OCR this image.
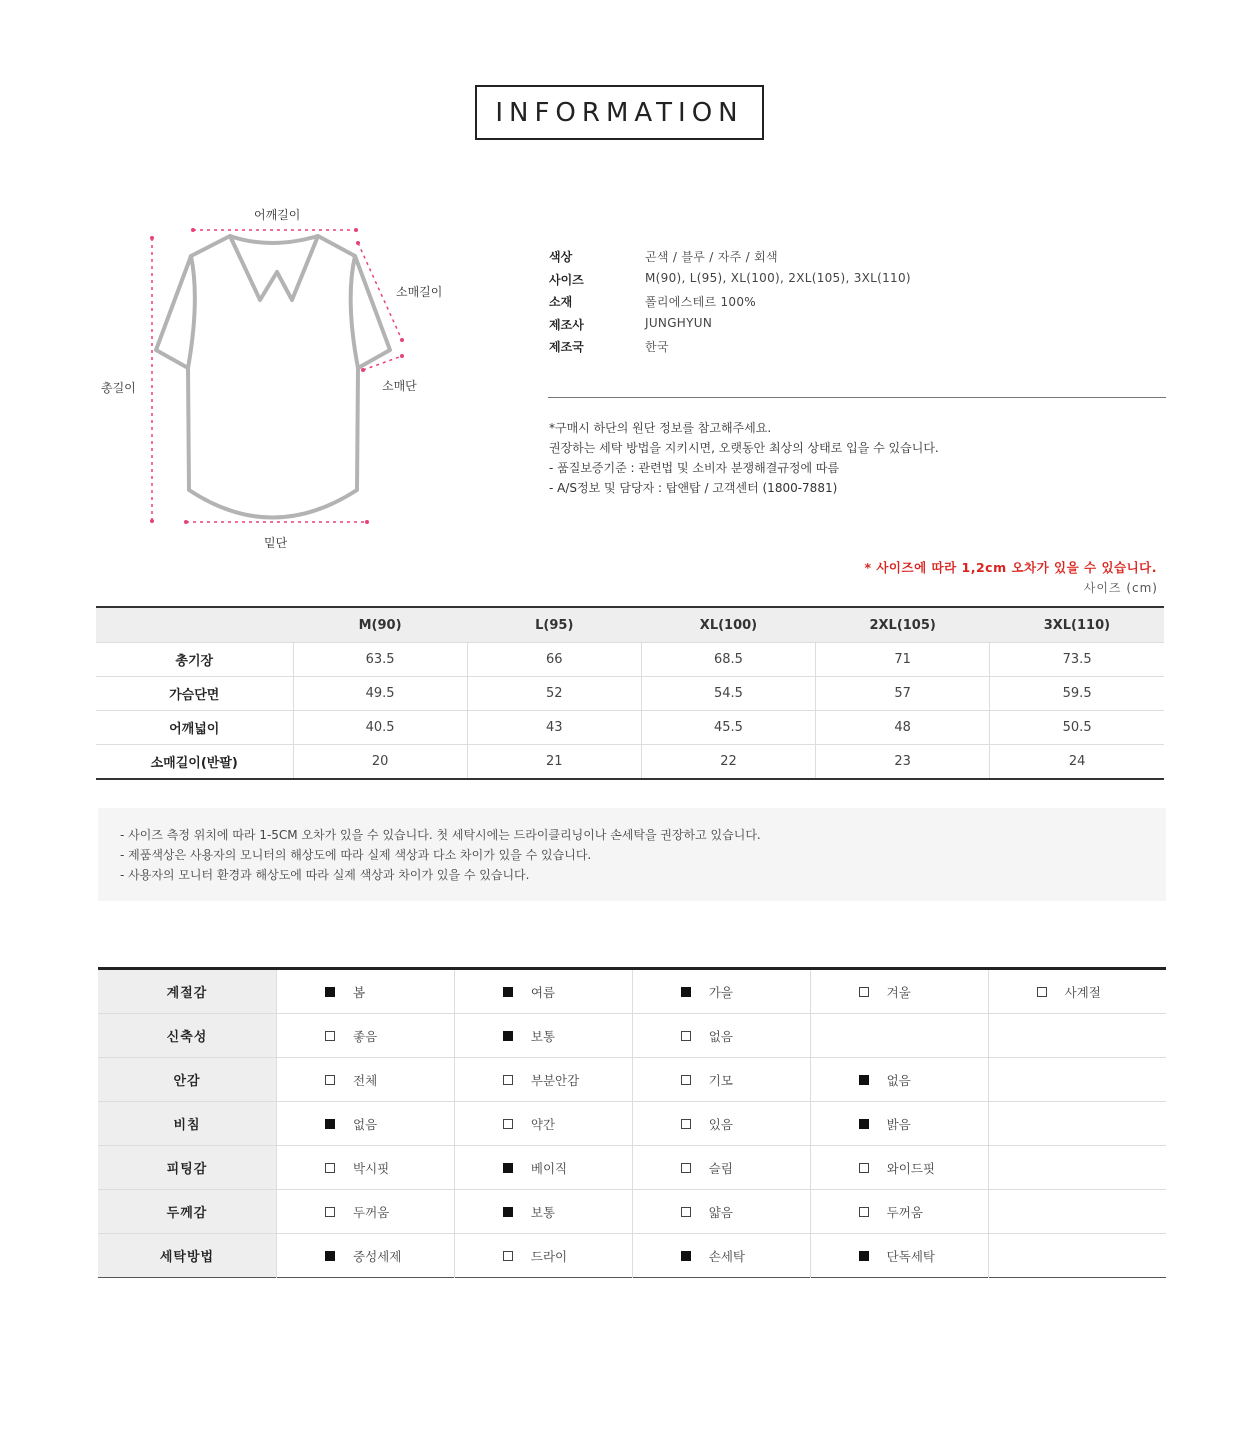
INFORMATION
어깨길이
소매길이
소매단
총길이
밑단
색상	곤색 / 블루 / 자주 / 회색
사이즈	M(90), L(95), XL(100), 2XL(105), 3XL(110)
소재	폴리에스테르 100%
제조사	JUNGHYUN
제조국	한국
*구매시 하단의 원단 정보를 참고해주세요.
권장하는 세탁 방법을 지키시면, 오랫동안 최상의 상태로 입을 수 있습니다.
- 품질보증기준 : 관련법 및 소비자 분쟁해결규정에 따름
- A/S정보 및 담당자 : 탑앤탑 / 고객센터 (1800-7881)
* 사이즈에 따라 1,2cm 오차가 있을 수 있습니다.
사이즈 (cm)
	M(90)	L(95)	XL(100)	2XL(105)	3XL(110)
총기장	63.5	66	68.5	71	73.5
가슴단면	49.5	52	54.5	57	59.5
어깨넓이	40.5	43	45.5	48	50.5
소매길이(반팔)	20	21	22	23	24
- 사이즈 측정 위치에 따라 1-5CM 오차가 있을 수 있습니다. 첫 세탁시에는 드라이클리닝이나 손세탁을 권장하고 있습니다.
- 제품색상은 사용자의 모니터의 해상도에 따라 실제 색상과 다소 차이가 있을 수 있습니다.
- 사용자의 모니터 환경과 해상도에 따라 실제 색상과 차이가 있을 수 있습니다.
계절감	봄	여름	가을	겨울	사계절

신축성	좋음	보통	없음		

안감	전체	부분안감	기모	없음	

비침	없음	약간	있음	밝음	

피팅감	박시핏	베이직	슬림	와이드핏	

두께감	두꺼움	보통	얇음	두꺼움	

세탁방법	중성세제	드라이	손세탁	단독세탁	
